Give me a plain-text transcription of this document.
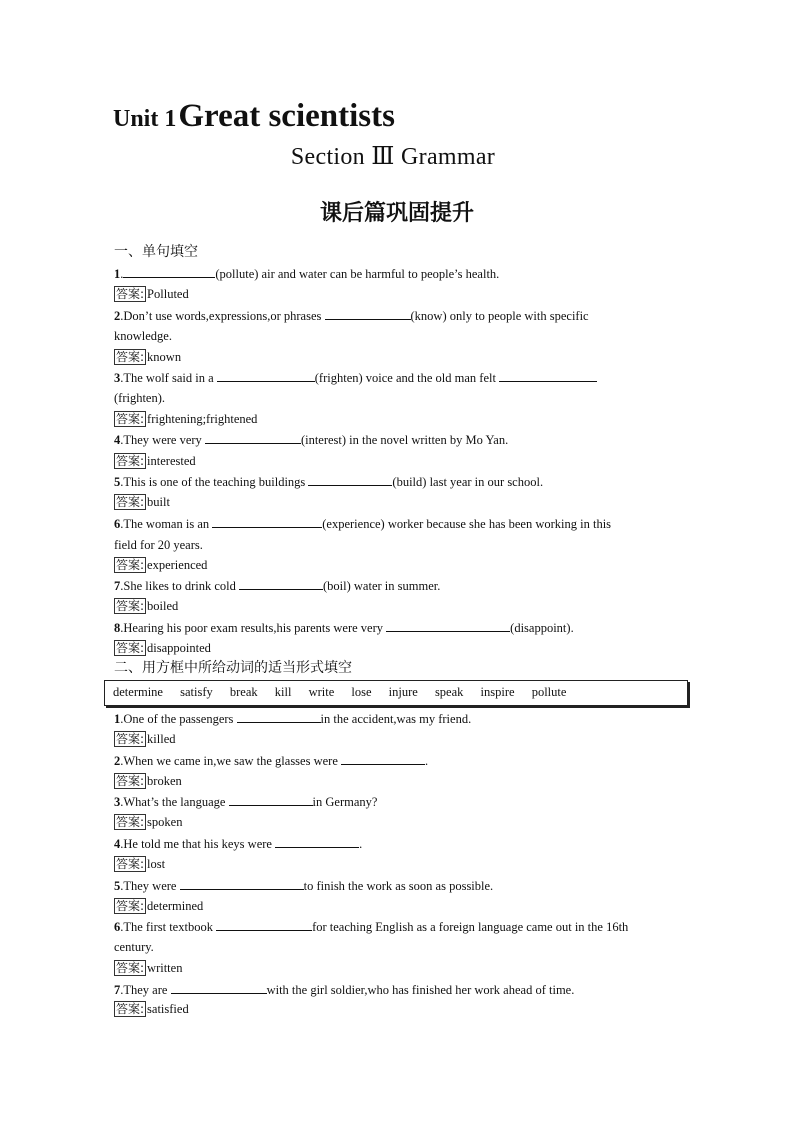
Unit 1Great scientists
Section Ⅲ Grammar
课后篇巩固提升
一、单句填空
1.	(pollute) air and water can be harmful to people’s health.
答案: Polluted
2.Don’t use words,expressions,or phrases	(know) only to people with specific
knowledge.
答案: known
3.The wolf said in a	(frighten) voice and the old man felt
(frighten).
答案: frightening;frightened
4.They were very	(interest) in the novel written by Mo Yan.
答案: interested
5.This is one of the teaching buildings	(build) last year in our school.
答案: built
6.The woman is an	(experience) worker because she has been working in this
field for 20 years.
答案: experienced
7.She likes to drink cold	(boil) water in summer.
答案: boiled
8.Hearing his poor exam results,his parents were very	(disappoint).
答案: disappointed
二、用方框中所给动词的适当形式填空
determine satisfy break kill write lose injure speak inspire pollute
1.One of the passengers	in the accident,was my friend.
答案: killed
2.When we came in,we saw the glasses were	.
答案: broken
3.What’s the language	in Germany?
答案: spoken
4.He told me that his keys were	.
答案: lost
5.They were	to finish the work as soon as possible.
答案: determined
6.The first textbook	for teaching English as a foreign language came out in the 16th
century.
答案: written
7.They are	with the girl soldier,who has finished her work ahead of time.
答案: satisfied
